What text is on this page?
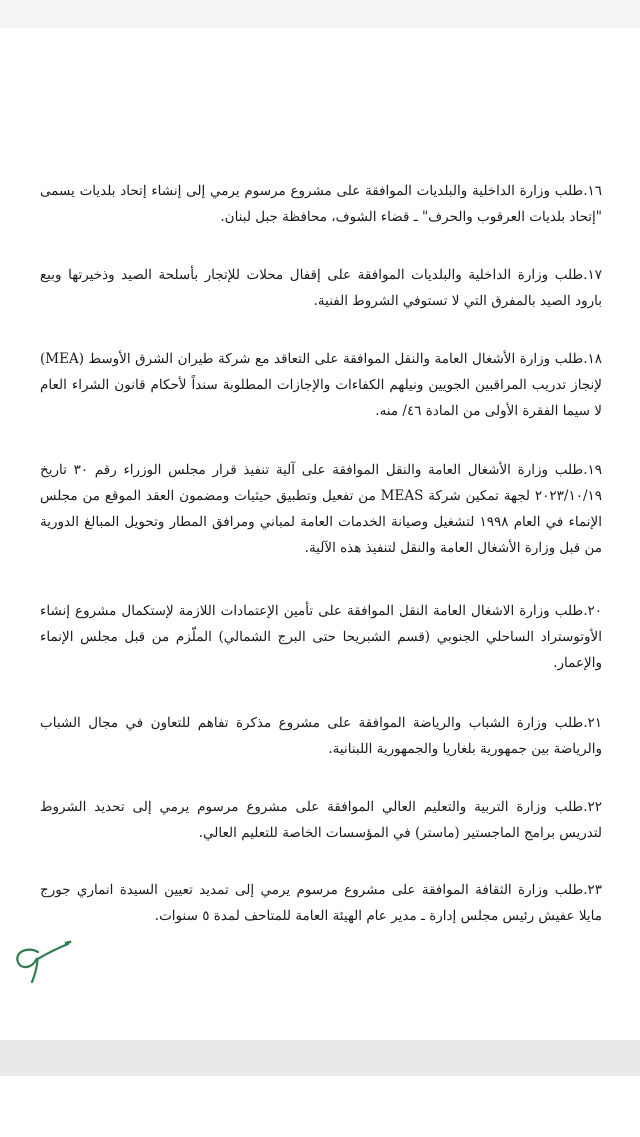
١٦.طلب وزارة الداخلية والبلديات الموافقة على مشروع مرسوم يرمي إلى إنشاء إتحاد بلديات يسمى "إتحاد بلديات العرقوب والحرف" ـ قضاء الشوف، محافظة جبل لبنان.

١٧.طلب وزارة الداخلية والبلديات الموافقة على إقفال محلات للإتجار بأسلحة الصيد وذخيرتها وبيع بارود الصيد بالمفرق التي لا تستوفي الشروط الفنية.

١٨.طلب وزارة الأشغال العامة والنقل الموافقة على التعاقد مع شركة طيران الشرق الأوسط (MEA) لإنجاز تدريب المراقبين الجويين ونيلهم الكفاءات والإجازات المطلوبة سنداً لأحكام قانون الشراء العام لا سيما الفقرة الأولى من المادة ٤٦/ منه.

١٩.طلب وزارة الأشغال العامة والنقل الموافقة على آلية تنفيذ قرار مجلس الوزراء رقم ٣٠ تاريخ ٢٠٢٣/١٠/١٩ لجهة تمكين شركة MEAS من تفعيل وتطبيق حيثيات ومضمون العقد الموقع من مجلس الإنماء في العام ١٩٩٨ لتشغيل وصيانة الخدمات العامة لمباني ومرافق المطار وتحويل المبالغ الدورية من قبل وزارة الأشغال العامة والنقل لتنفيذ هذه الآلية.

٢٠.طلب وزارة الاشغال العامة النقل الموافقة على تأمين الإعتمادات اللازمة لإستكمال مشروع إنشاء الأوتوستراد الساحلي الجنوبي (قسم الشبريحا حتى البرج الشمالي) الملّزم من قبل مجلس الإنماء والإعمار.

٢١.طلب وزارة الشباب والرياضة الموافقة على مشروع مذكرة تفاهم للتعاون في مجال الشباب والرياضة بين جمهورية بلغاريا والجمهورية اللبنانية.

٢٢.طلب وزارة التربية والتعليم العالي الموافقة على مشروع مرسوم يرمي إلى تحديد الشروط لتدريس برامج الماجستير (ماستر) في المؤسسات الخاصة للتعليم العالي.

٢٣.طلب وزارة الثقافة الموافقة على مشروع مرسوم يرمي إلى تمديد تعيين السيدة انماري جورج مايلا عفيش رئيس مجلس إدارة ـ مدير عام الهيئة العامة للمتاحف لمدة ٥ سنوات.
